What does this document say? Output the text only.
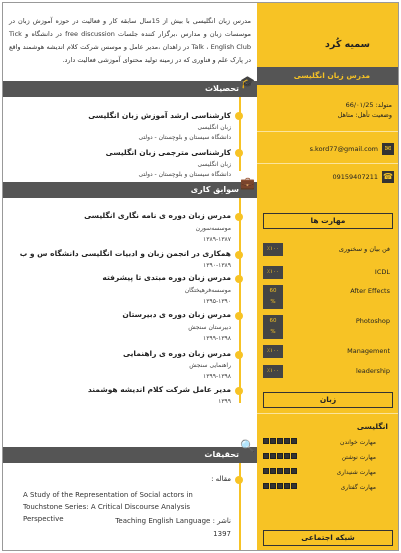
سمیه کُرد
مدرس زبان انگلیسی
متولد: 66/۰۱/25
وضعیت تأهل: متاهل
✉
s.kord77@gmail.com
☎
09159407211
مهارت ها
فن بیان و سخنوری
٪۱۰۰
ICDL
٪۱۰۰
After Effects
60
%
Photoshop
60
%
Management
٪۱۰۰
leadership
٪۱۰۰
زبان
انگلیسی
مهارت خواندن
مهارت نوشتن
مهارت شنیداری
مهارت گفتاری
شبکه اجتماعی
مدرس زبان انگلیسی با بیش از 15سال سابقه کار و فعالیت در حوزه آموزش زبان در موسسات زبان و مدارس ،برگزار کننده جلسات free discussion در دانشگاه و Tick Talk ، English Club در زاهدان ،مدیر عامل و موسس شرکت کلام اندیشه هوشمند واقع در پارک علم و فناوری که در زمینه تولید محتوای آموزشی فعالیت دارد.
🎓
تحصیلات
کارشناسی ارشد آموزش زبان انگلیسی
زبان انگلیسی
دانشگاه سیستان و بلوچستان - دولتی
کارشناسی مترجمی زبان انگلیسی
زبان انگلیسی
دانشگاه سیستان و بلوچستان - دولتی
💼
سوابق کاری
مدرس زبان دوره ی نامه نگاری انگلیسی
موسسه‌سورن
۱۳۸۹-۱۳۸۷
همکاری در انجمن زبان و ادبیات انگلیسی دانشگاه س و ب
۱۳۹۰-۱۳۸۹
مدرس زبان دوره مبتدی تا پیشرفته
موسسه‌فرهیختگان
۱۳۹۵-۱۳۹۰
مدرس زبان دوره ی دبیرستان
دبیرستان سنجش
۱۳۹۹-۱۳۹۸
مدرس زبان دوره ی راهنمایی
راهنمایی سنجش
۱۳۹۹-۱۳۹۸
مدیر عامل شرکت کلام اندیشه هوشمند
۱۳۹۹
🔍
تحقیقات
مقاله :
A Study of the Representation of Social actors in Touchstone Series: A Critical Discourse Analysis Perspective	ناشر : Teaching English Language
1397
